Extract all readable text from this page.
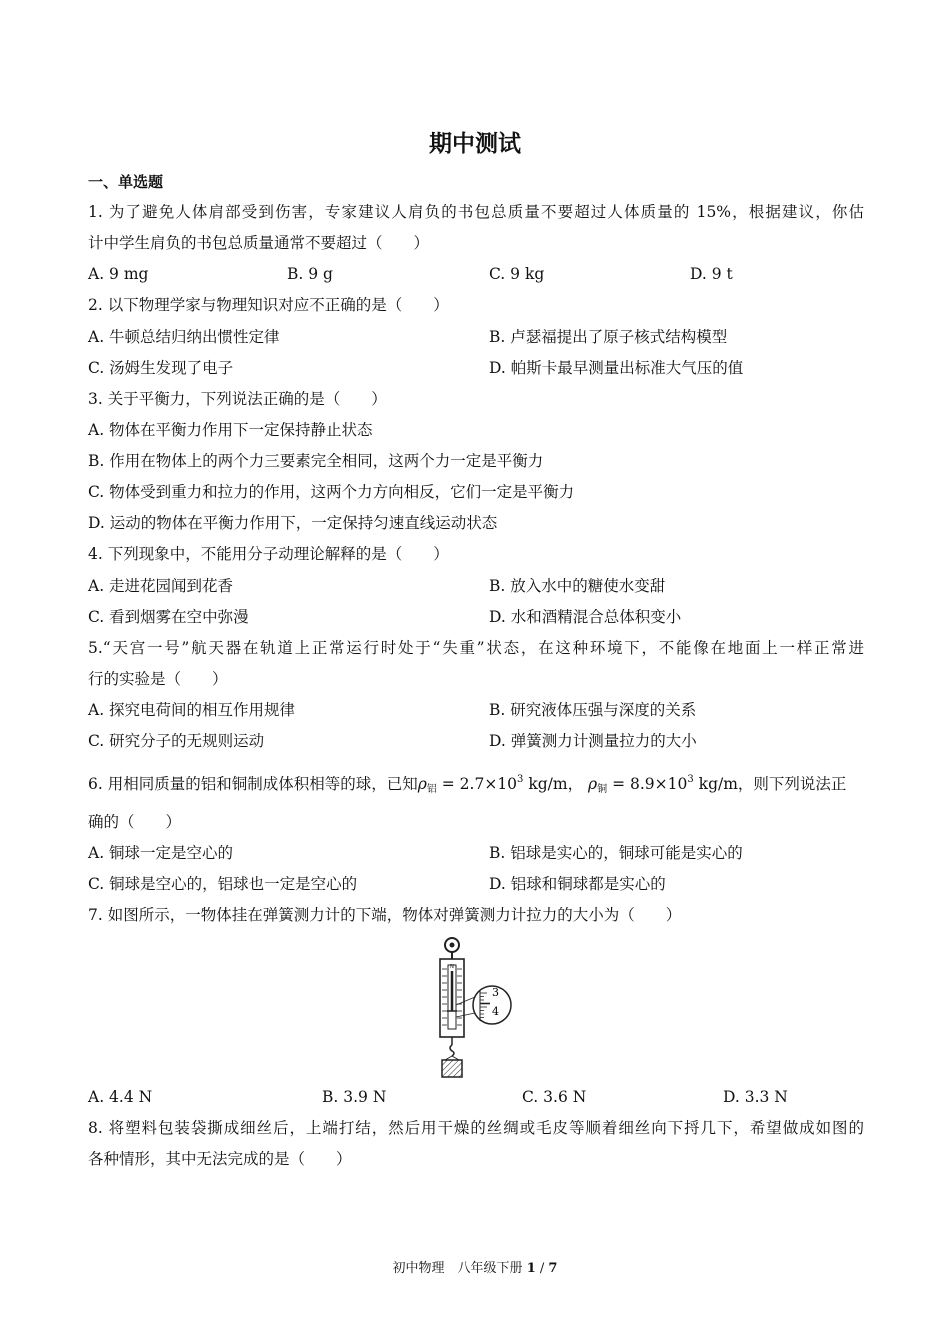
期中测试
一、单选题
1. 为了避免人体肩部受到伤害，专家建议人肩负的书包总质量不要超过人体质量的 15%，根据建议，你估
计中学生肩负的书包总质量通常不要超过（　　）
A. 9 mg	B. 9 g	C. 9 kg	D. 9 t
2. 以下物理学家与物理知识对应不正确的是（　　）
A. 牛顿总结归纳出惯性定律	B. 卢瑟福提出了原子核式结构模型
C. 汤姆生发现了电子	D. 帕斯卡最早测量出标准大气压的值
3. 关于平衡力，下列说法正确的是（　　）
A. 物体在平衡力作用下一定保持静止状态
B. 作用在物体上的两个力三要素完全相同，这两个力一定是平衡力
C. 物体受到重力和拉力的作用，这两个力方向相反，它们一定是平衡力
D. 运动的物体在平衡力作用下，一定保持匀速直线运动状态
4. 下列现象中，不能用分子动理论解释的是（　　）
A. 走进花园闻到花香	B. 放入水中的糖使水变甜
C. 看到烟雾在空中弥漫	D. 水和酒精混合总体积变小
5.“天宫一号”航天器在轨道上正常运行时处于“失重”状态，在这种环境下，不能像在地面上一样正常进
行的实验是（　　）
A. 探究电荷间的相互作用规律	B. 研究液体压强与深度的关系
C. 研究分子的无规则运动	D. 弹簧测力计测量拉力的大小
6. 用相同质量的铝和铜制成体积相等的球，已知$\rho_铝 = 2.7\times 10^3$ kg/m， $\rho_铜 = 8.9\times 10^3$ kg/m，则下列说法正
确的（　　）
A. 铜球一定是空心的	B. 铝球是实心的，铜球可能是实心的
C. 铜球是空心的，铝球也一定是空心的	D. 铝球和铜球都是实心的
7. 如图所示，一物体挂在弹簧测力计的下端，物体对弹簧测力计拉力的大小为（　　）
N
3
4
A. 4.4 N	B. 3.9 N	C. 3.6 N	D. 3.3 N
8. 将塑料包装袋撕成细丝后，上端打结，然后用干燥的丝绸或毛皮等顺着细丝向下捋几下，希望做成如图的
各种情形，其中无法完成的是（　　）
初中物理　八年级下册 1 / 7
